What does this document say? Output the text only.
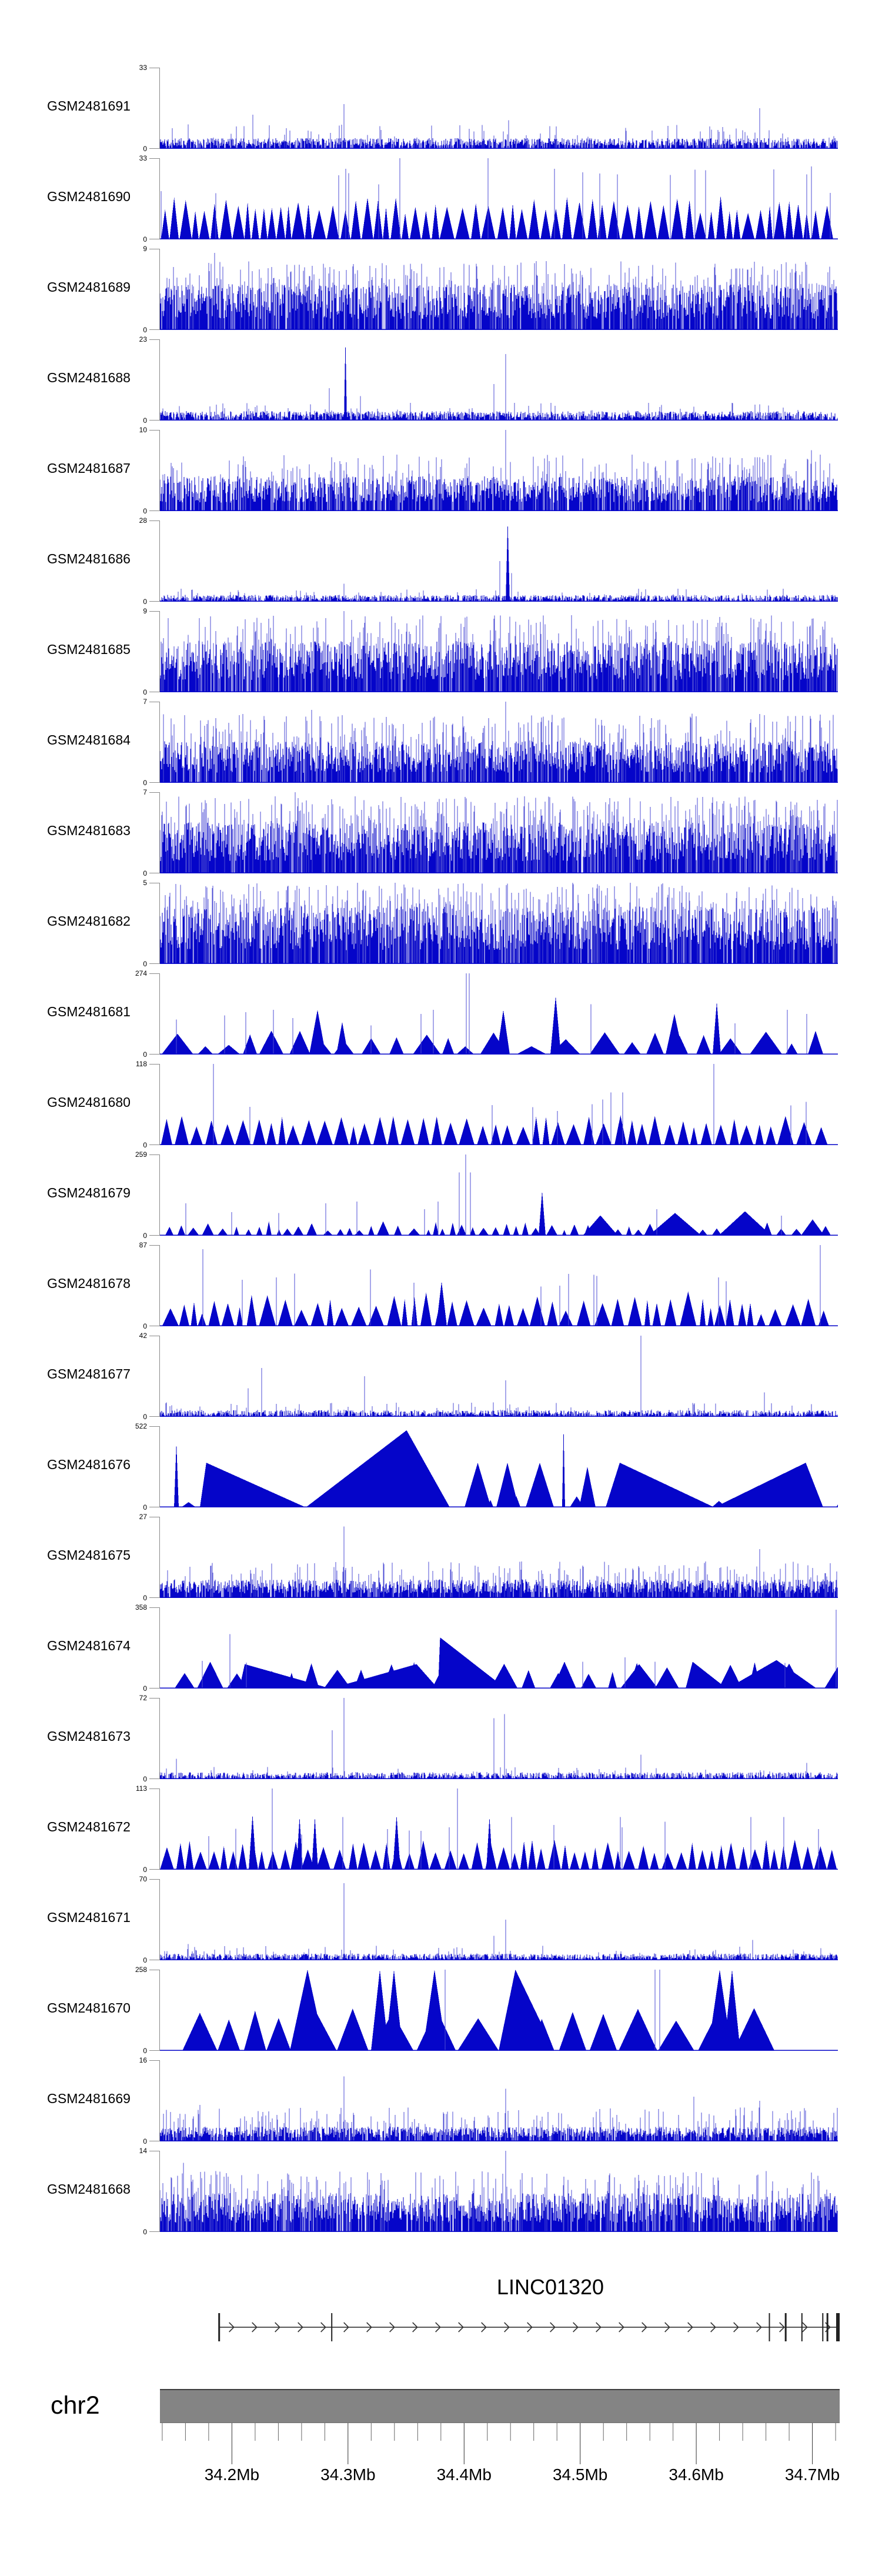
GSM2481691
33
0
GSM2481690
33
0
GSM2481689
9
0
GSM2481688
23
0
GSM2481687
10
0
GSM2481686
28
0
GSM2481685
9
0
GSM2481684
7
0
GSM2481683
7
0
GSM2481682
5
0
GSM2481681
274
0
GSM2481680
118
0
GSM2481679
259
0
GSM2481678
87
0
GSM2481677
42
0
GSM2481676
522
0
GSM2481675
27
0
GSM2481674
358
0
GSM2481673
72
0
GSM2481672
113
0
GSM2481671
70
0
GSM2481670
258
0
GSM2481669
16
0
GSM2481668
14
0
LINC01320
chr2
34.2Mb	34.3Mb	34.4Mb	34.5Mb	34.6Mb	34.7Mb
